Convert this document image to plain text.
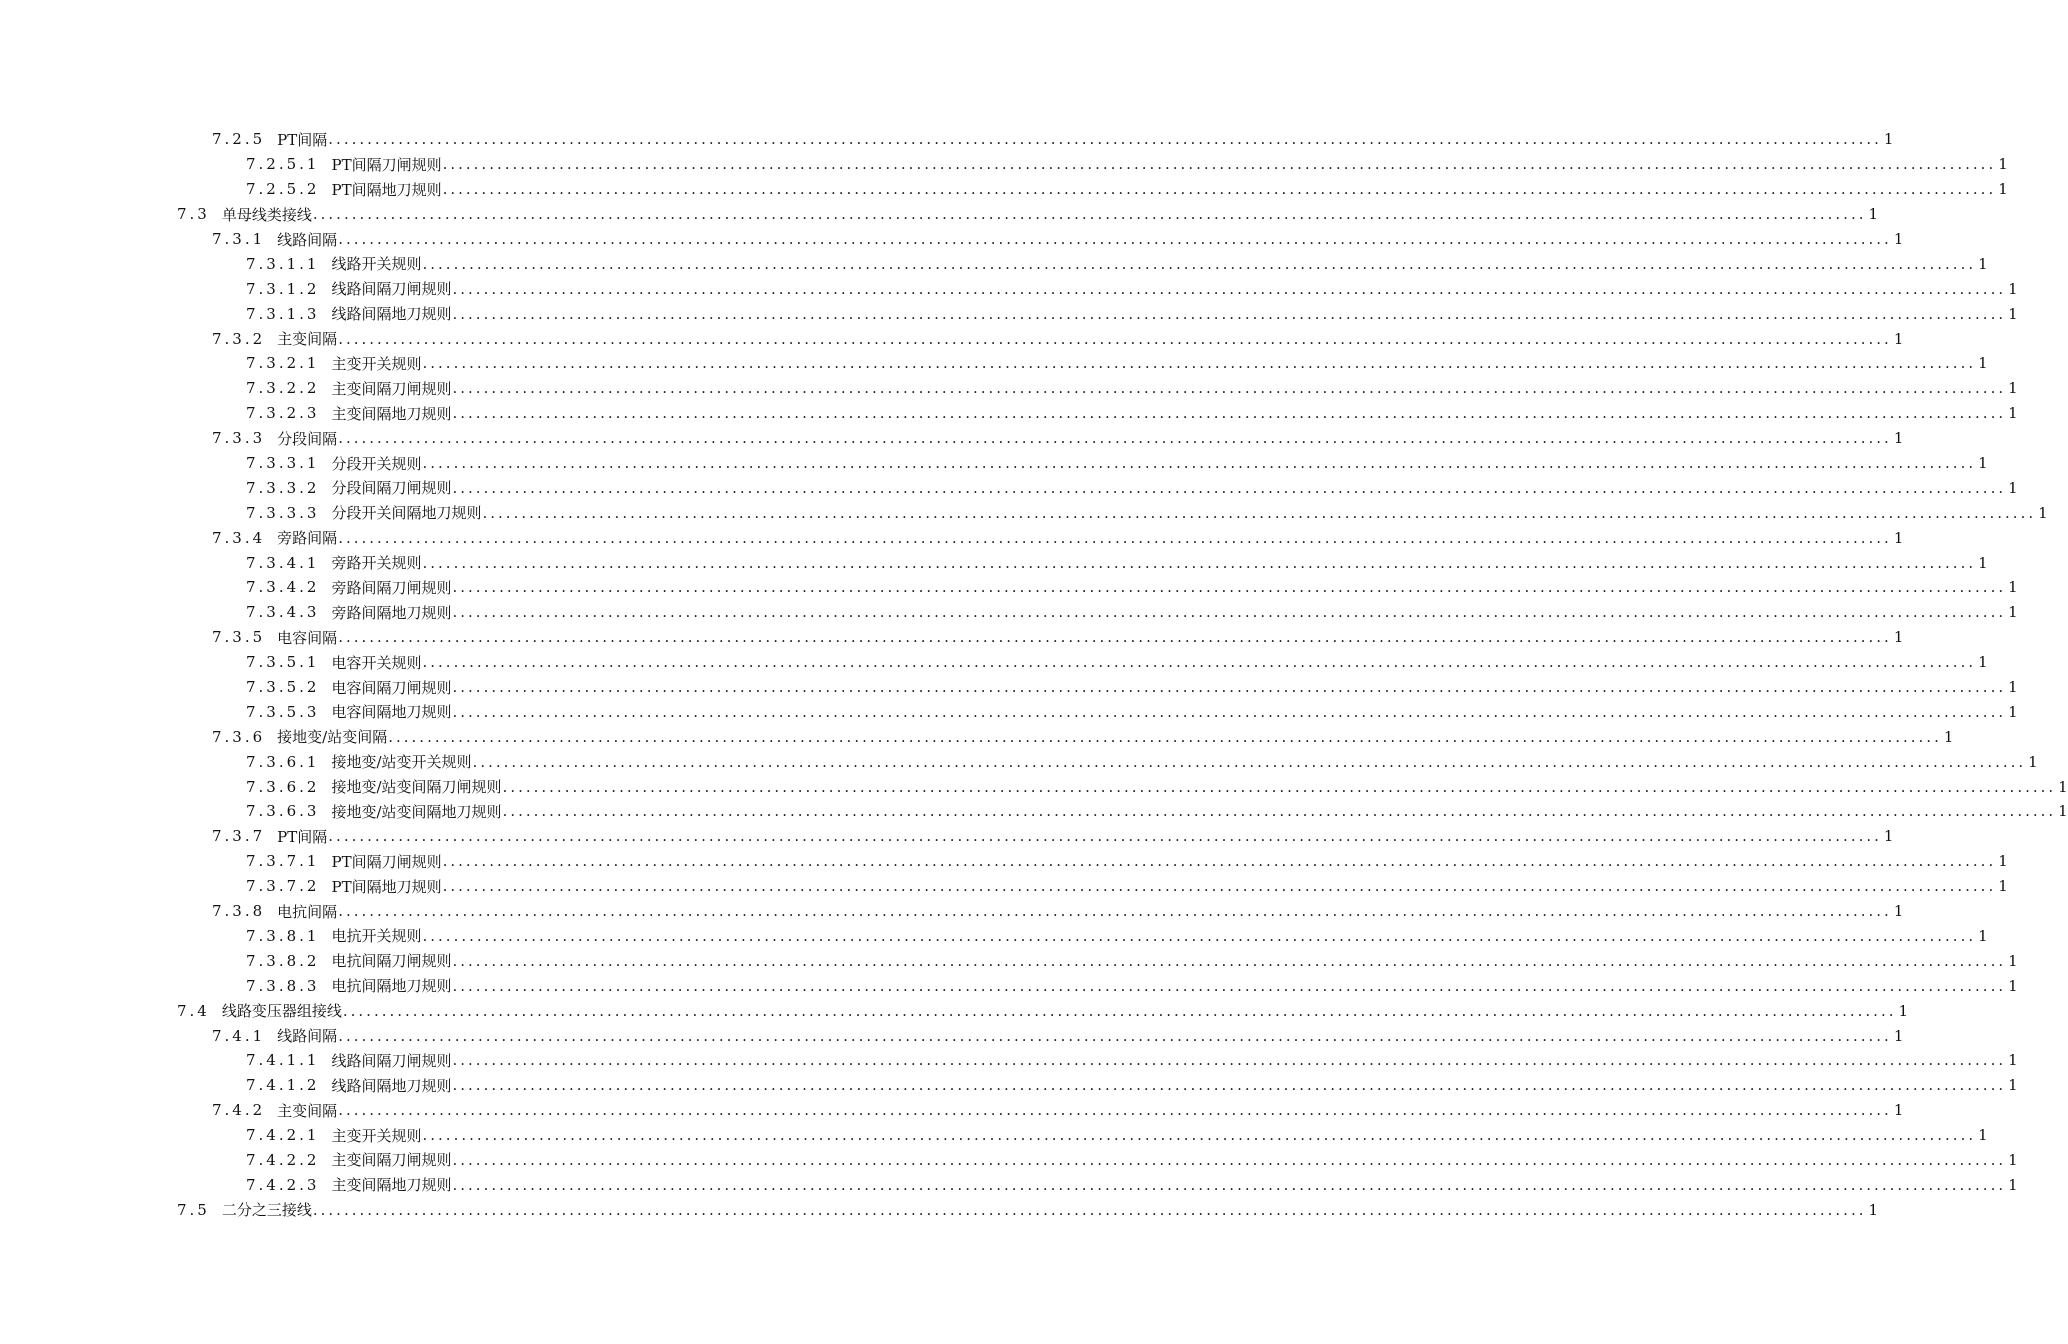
7.2.5 PT间隔 ........................................................................................................................................................................................................ 1
7.2.5.1 PT间隔刀闸规则 ........................................................................................................................................................................................................ 1
7.2.5.2 PT间隔地刀规则 ........................................................................................................................................................................................................ 1
7.3 单母线类接线 ........................................................................................................................................................................................................ 1
7.3.1 线路间隔 ........................................................................................................................................................................................................ 1
7.3.1.1 线路开关规则 ........................................................................................................................................................................................................ 1
7.3.1.2 线路间隔刀闸规则 ........................................................................................................................................................................................................ 1
7.3.1.3 线路间隔地刀规则 ........................................................................................................................................................................................................ 1
7.3.2 主变间隔 ........................................................................................................................................................................................................ 1
7.3.2.1 主变开关规则 ........................................................................................................................................................................................................ 1
7.3.2.2 主变间隔刀闸规则 ........................................................................................................................................................................................................ 1
7.3.2.3 主变间隔地刀规则 ........................................................................................................................................................................................................ 1
7.3.3 分段间隔 ........................................................................................................................................................................................................ 1
7.3.3.1 分段开关规则 ........................................................................................................................................................................................................ 1
7.3.3.2 分段间隔刀闸规则 ........................................................................................................................................................................................................ 1
7.3.3.3 分段开关间隔地刀规则 ........................................................................................................................................................................................................ 1
7.3.4 旁路间隔 ........................................................................................................................................................................................................ 1
7.3.4.1 旁路开关规则 ........................................................................................................................................................................................................ 1
7.3.4.2 旁路间隔刀闸规则 ........................................................................................................................................................................................................ 1
7.3.4.3 旁路间隔地刀规则 ........................................................................................................................................................................................................ 1
7.3.5 电容间隔 ........................................................................................................................................................................................................ 1
7.3.5.1 电容开关规则 ........................................................................................................................................................................................................ 1
7.3.5.2 电容间隔刀闸规则 ........................................................................................................................................................................................................ 1
7.3.5.3 电容间隔地刀规则 ........................................................................................................................................................................................................ 1
7.3.6 接地变/站变间隔 ........................................................................................................................................................................................................ 1
7.3.6.1 接地变/站变开关规则 ........................................................................................................................................................................................................ 1
7.3.6.2 接地变/站变间隔刀闸规则 ........................................................................................................................................................................................................ 1
7.3.6.3 接地变/站变间隔地刀规则 ........................................................................................................................................................................................................ 1
7.3.7 PT间隔 ........................................................................................................................................................................................................ 1
7.3.7.1 PT间隔刀闸规则 ........................................................................................................................................................................................................ 1
7.3.7.2 PT间隔地刀规则 ........................................................................................................................................................................................................ 1
7.3.8 电抗间隔 ........................................................................................................................................................................................................ 1
7.3.8.1 电抗开关规则 ........................................................................................................................................................................................................ 1
7.3.8.2 电抗间隔刀闸规则 ........................................................................................................................................................................................................ 1
7.3.8.3 电抗间隔地刀规则 ........................................................................................................................................................................................................ 1
7.4 线路变压器组接线 ........................................................................................................................................................................................................ 1
7.4.1 线路间隔 ........................................................................................................................................................................................................ 1
7.4.1.1 线路间隔刀闸规则 ........................................................................................................................................................................................................ 1
7.4.1.2 线路间隔地刀规则 ........................................................................................................................................................................................................ 1
7.4.2 主变间隔 ........................................................................................................................................................................................................ 1
7.4.2.1 主变开关规则 ........................................................................................................................................................................................................ 1
7.4.2.2 主变间隔刀闸规则 ........................................................................................................................................................................................................ 1
7.4.2.3 主变间隔地刀规则 ........................................................................................................................................................................................................ 1
7.5 二分之三接线 ........................................................................................................................................................................................................ 1
